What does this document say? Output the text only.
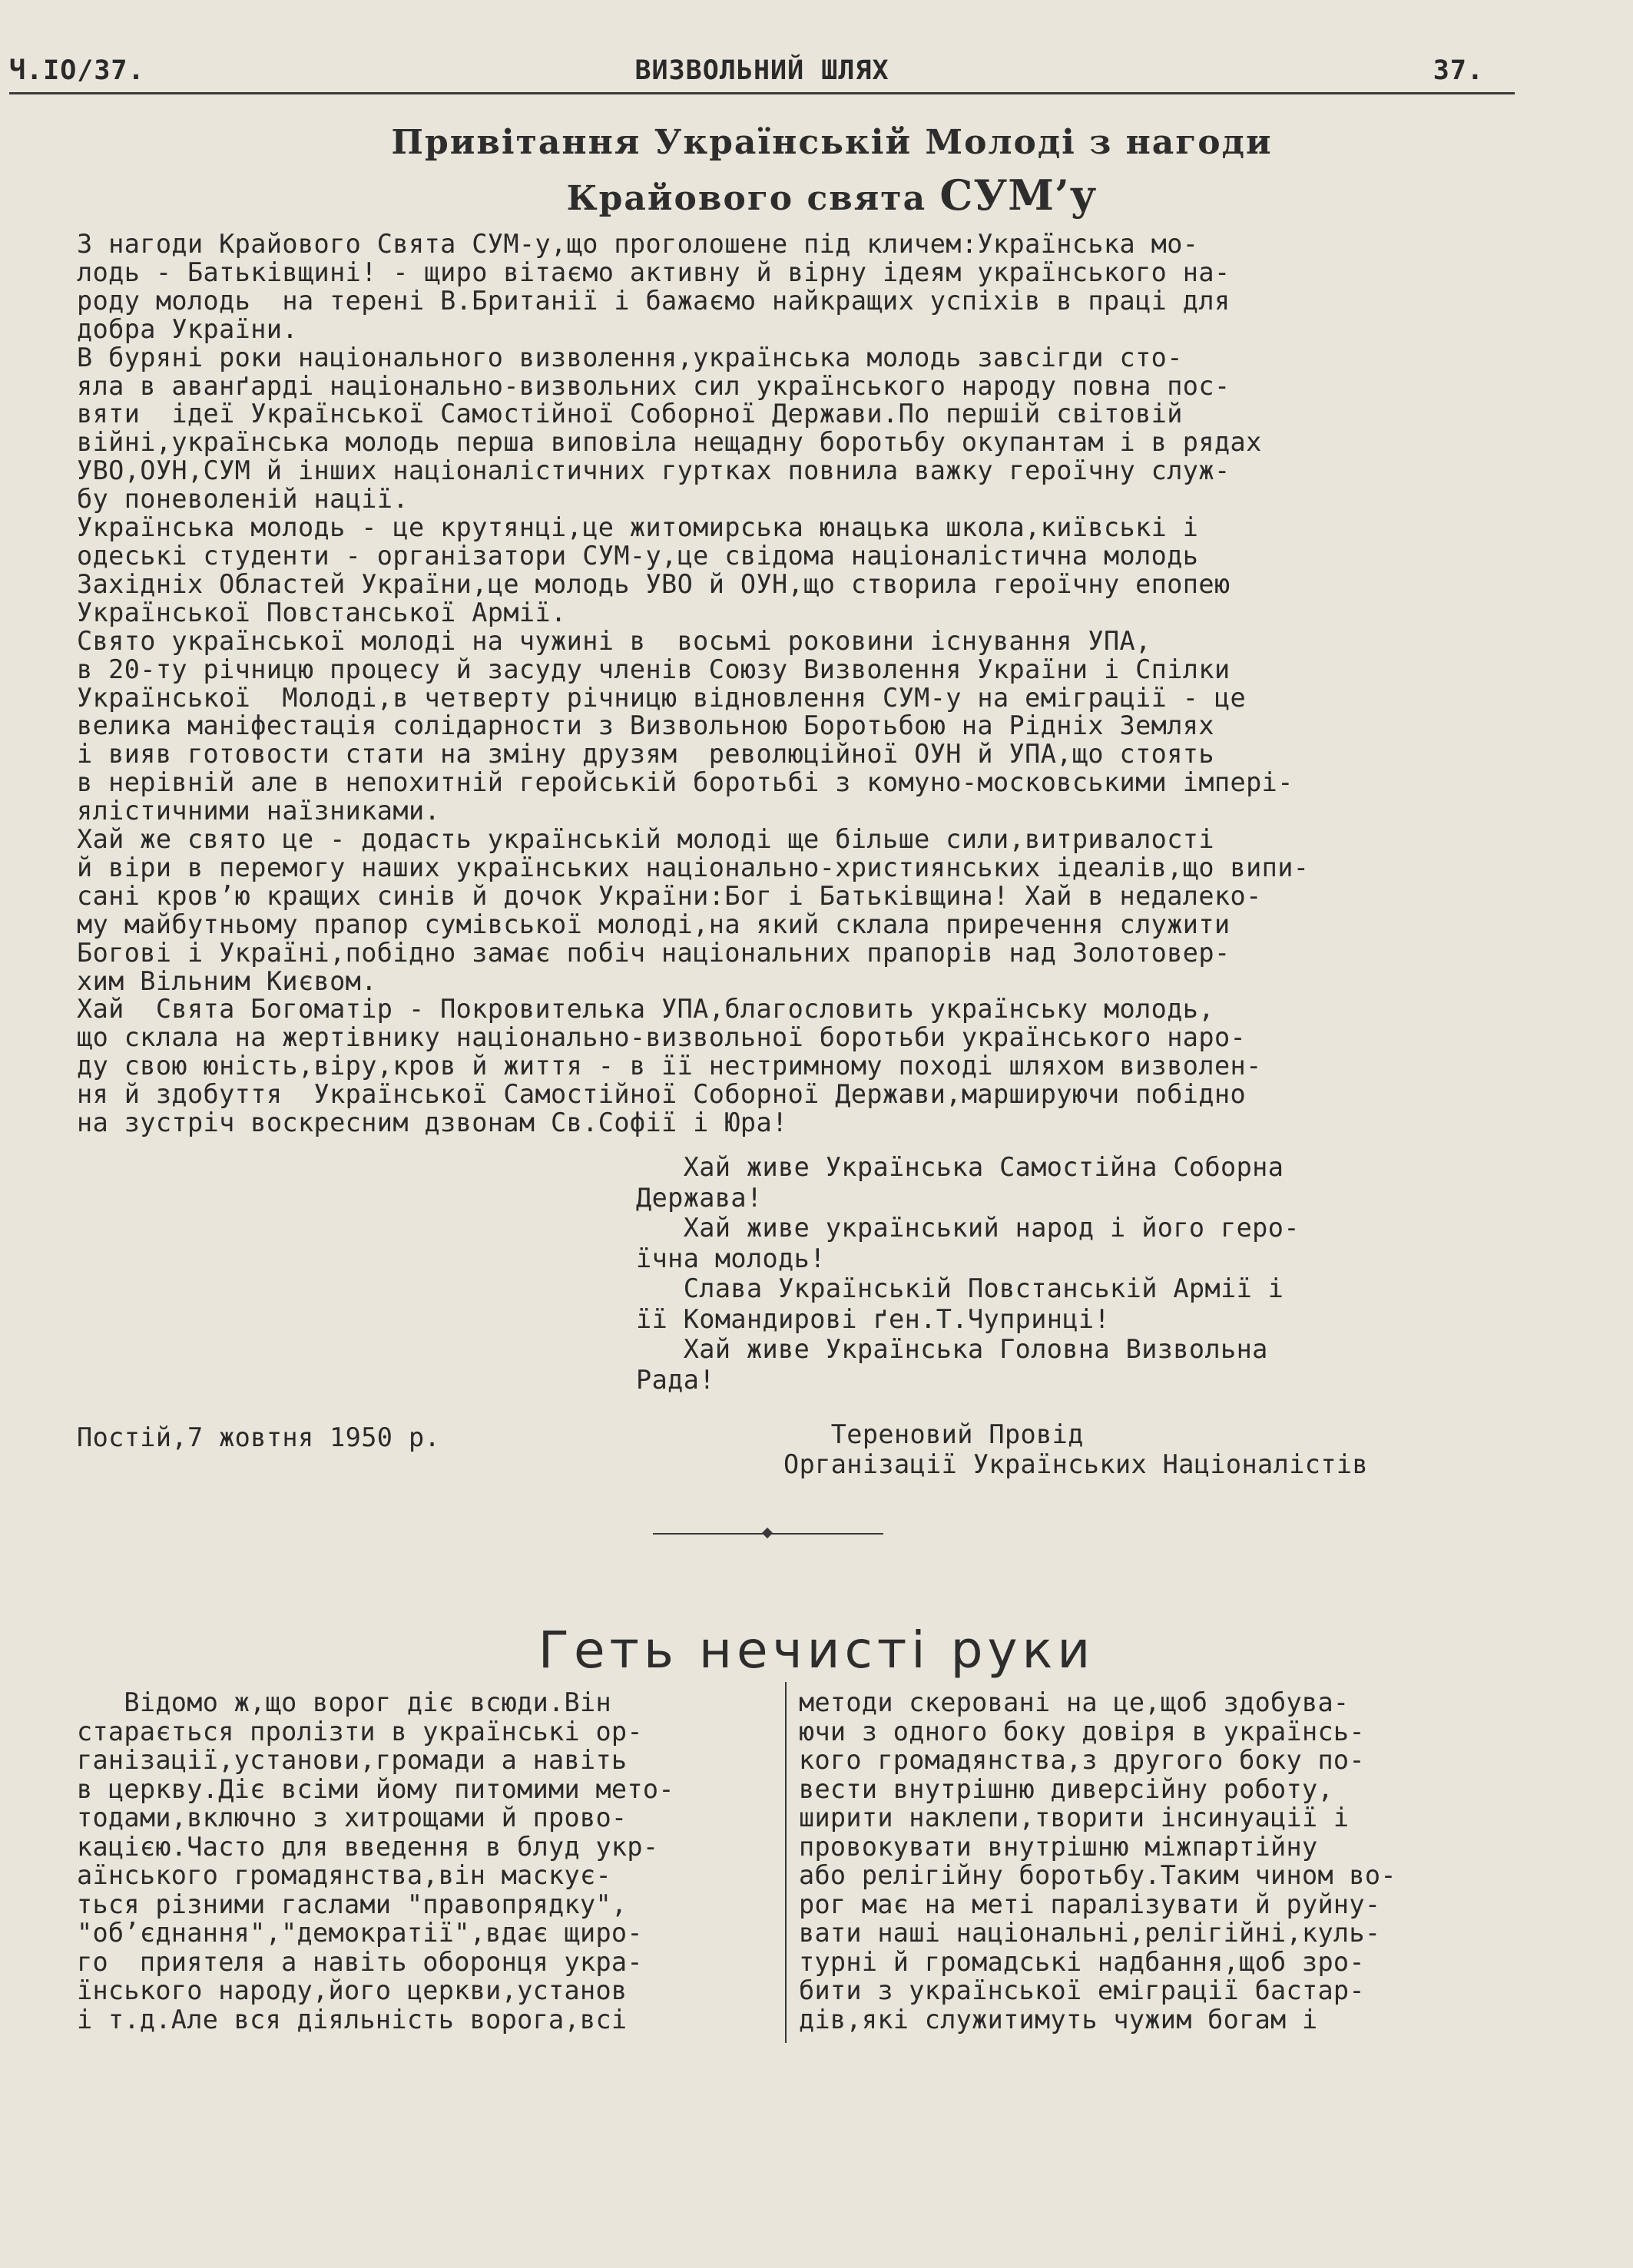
Ч.IO/37.	ВИЗВОЛЬНИЙ ШЛЯХ	37.
Привітання Українській Молоді з нагоди
Крайового свята СУМ’у
З нагоди Крайового Свята СУМ-у,що проголошене під кличем:Українська мо-
лодь - Батьківщині! - щиро вітаємо активну й вірну ідеям українського на-
роду молодь  на терені В.Британії і бажаємо найкращих успіхів в праці для
добра України.
В буряні роки національного визволення,українська молодь завсігди сто-
яла в аванґарді національно-визвольних сил українського народу повна пос-
вяти  ідеї Української Самостійної Соборної Держави.По першій світовій
війні,українська молодь перша виповіла нещадну боротьбу окупантам і в рядах
УВО,ОУН,СУМ й інших націоналістичних гуртках повнила важку героїчну служ-
бу поневоленій нації.
Українська молодь - це крутянці,це житомирська юнацька школа,київські і
одеські студенти - організатори СУМ-у,це свідома націоналістична молодь
Західніх Областей України,це молодь УВО й ОУН,що створила героїчну епопею
Української Повстанської Армії.
Свято української молоді на чужині в  восьмі роковини існування УПА,
в 20-ту річницю процесу й засуду членів Союзу Визволення України і Спілки
Української  Молоді,в четверту річницю відновлення СУМ-у на еміграції - це
велика маніфестація солідарности з Визвольною Боротьбою на Рідніх Землях
і вияв готовости стати на зміну друзям  революційної ОУН й УПА,що стоять
в нерівній але в непохитній геройській боротьбі з комуно-московськими імпері-
ялістичними наїзниками.
Хай же свято це - додасть українській молоді ще більше сили,витривалості
й віри в перемогу наших українських національно-християнських ідеалів,що випи-
сані кров’ю кращих синів й дочок України:Бог і Батьківщина! Хай в недалеко-
му майбутньому прапор сумівської молоді,на який склала приречення служити
Богові і Україні,побідно замає побіч національних прапорів над Золотовер-
хим Вільним Києвом.
Хай  Свята Богоматір - Покровителька УПА,благословить українську молодь,
що склала на жертівнику національно-визвольної боротьби українського наро-
ду свою юність,віру,кров й життя - в її нестримному поході шляхом визволен-
ня й здобуття  Української Самостійної Соборної Держави,маршируючи побідно
на зустріч воскресним дзвонам Св.Софії і Юра!
Хай живе Українська Самостійна Соборна
Держава!
Хай живе український народ і його геро-
їчна молодь!
Слава Українській Повстанській Армії і
її Командирові ґен.Т.Чупринці!
Хай живе Українська Головна Визвольна
Рада!
Постій,7 жовтня 1950 р.	Тереновий Провід
Організації Українських Націоналістів
Геть нечисті руки
Відомо ж,що ворог діє всюди.Він
старається пролізти в українські ор-
ганізації,установи,громади а навіть
в церкву.Діє всіми йому питомими мето-
тодами,включно з хитрощами й прово-
кацією.Часто для введення в блуд укр-
аїнського громадянства,він маскує-
ться різними гаслами "правопрядку",
"об’єднання","демократії",вдає щиро-
го  приятеля а навіть оборонця укра-
їнського народу,його церкви,установ
і т.д.Але вся діяльність ворога,всі
методи скеровані на це,щоб здобува-
ючи з одного боку довіря в українсь-
кого громадянства,з другого боку по-
вести внутрішню диверсійну роботу,
ширити наклепи,творити інсинуації і
провокувати внутрішню міжпартійну
або релігійну боротьбу.Таким чином во-
рог має на меті паралізувати й руйну-
вати наші національні,релігійні,куль-
турні й громадські надбання,щоб зро-
бити з української еміграції бастар-
дів,які служитимуть чужим богам і
